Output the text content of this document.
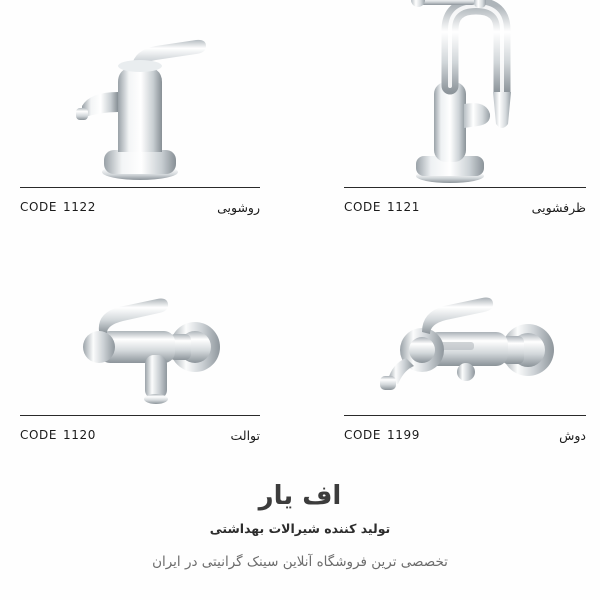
ظرفشویی
CODE 1121
روشویی
CODE 1122
دوش
CODE 1199
توالت
CODE 1120
اف یار
تولید کننده شیرالات بهداشتی
تخصصی ترین فروشگاه آنلاین سینک گرانیتی در ایران
